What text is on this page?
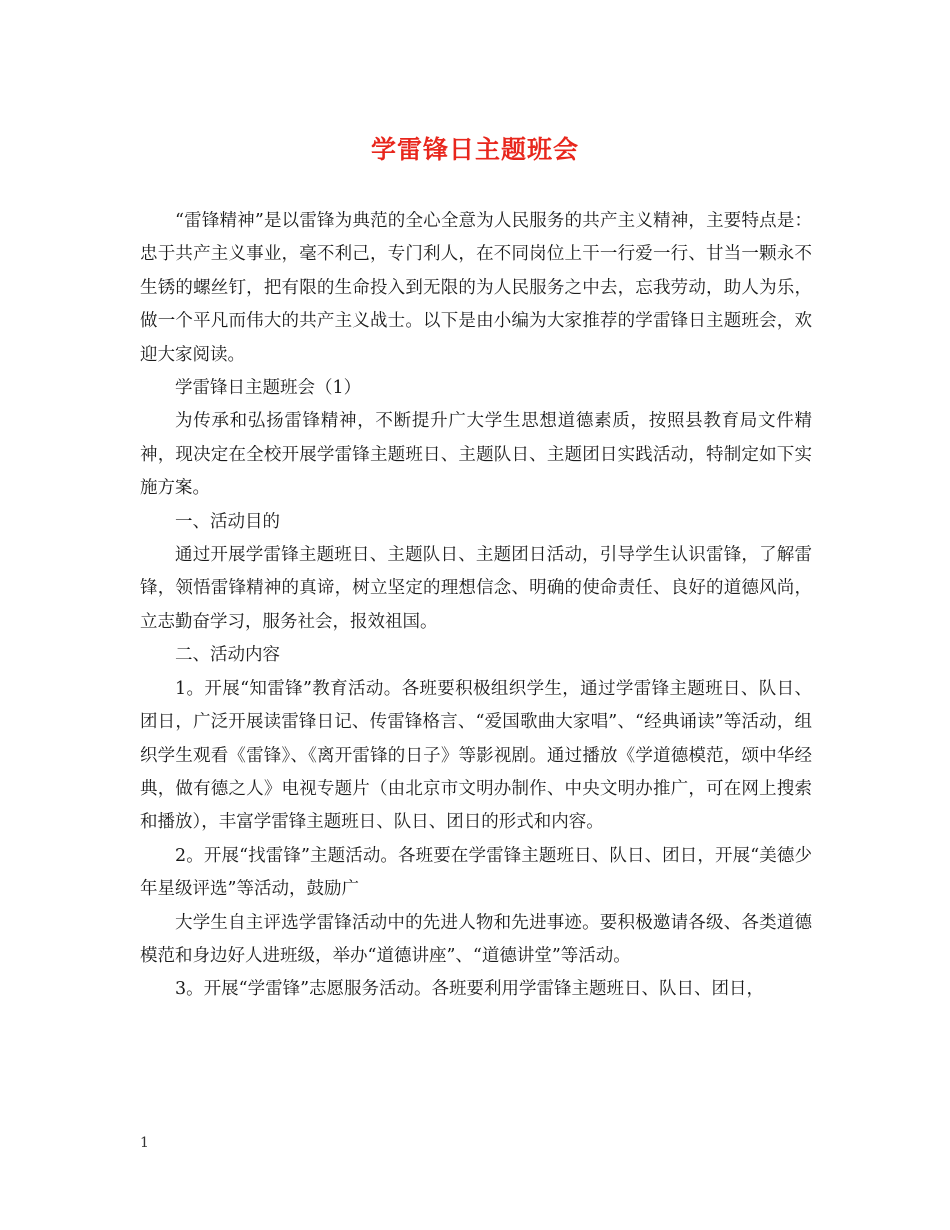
学雷锋日主题班会

“雷锋精神”是以雷锋为典范的全心全意为人民服务的共产主义精神，主要特点是：忠于共产主义事业，毫不利己，专门利人，在不同岗位上干一行爱一行、甘当一颗永不生锈的螺丝钉，把有限的生命投入到无限的为人民服务之中去，忘我劳动，助人为乐，做一个平凡而伟大的共产主义战士。以下是由小编为大家推荐的学雷锋日主题班会，欢迎大家阅读。

学雷锋日主题班会（1）

为传承和弘扬雷锋精神，不断提升广大学生思想道德素质，按照县教育局文件精神，现决定在全校开展学雷锋主题班日、主题队日、主题团日实践活动，特制定如下实施方案。

一、活动目的

通过开展学雷锋主题班日、主题队日、主题团日活动，引导学生认识雷锋，了解雷锋，领悟雷锋精神的真谛，树立坚定的理想信念、明确的使命责任、良好的道德风尚，立志勤奋学习，服务社会，报效祖国。

二、活动内容

1。开展“知雷锋”教育活动。各班要积极组织学生，通过学雷锋主题班日、队日、团日，广泛开展读雷锋日记、传雷锋格言、“爱国歌曲大家唱”、“经典诵读”等活动，组织学生观看《雷锋》、《离开雷锋的日子》等影视剧。通过播放《学道德模范，颂中华经典，做有德之人》电视专题片（由北京市文明办制作、中央文明办推广，可在网上搜索和播放），丰富学雷锋主题班日、队日、团日的形式和内容。

2。开展“找雷锋”主题活动。各班要在学雷锋主题班日、队日、团日，开展“美德少年星级评选”等活动，鼓励广

大学生自主评选学雷锋活动中的先进人物和先进事迹。要积极邀请各级、各类道德模范和身边好人进班级，举办“道德讲座”、“道德讲堂”等活动。

3。开展“学雷锋”志愿服务活动。各班要利用学雷锋主题班日、队日、团日，

1
